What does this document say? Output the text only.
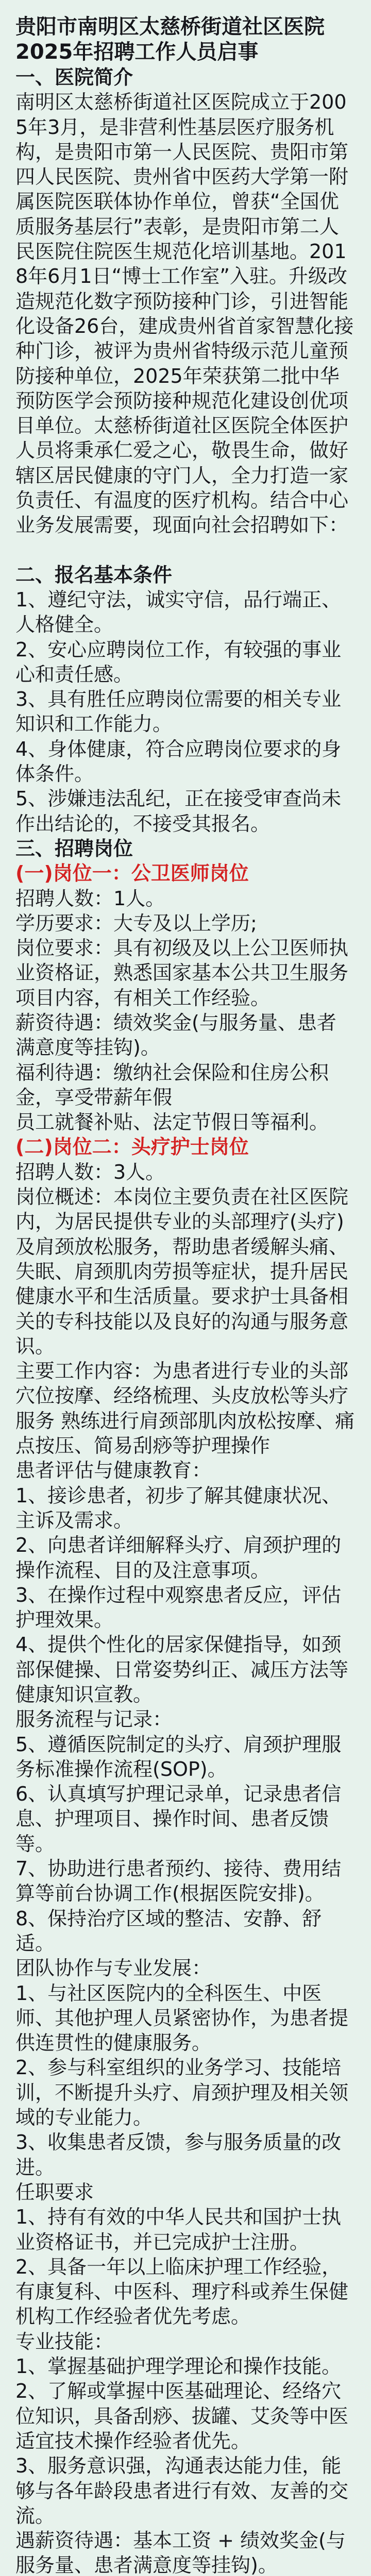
贵阳市南明区太慈桥街道社区医院
2025年招聘工作人员启事

一、医院简介

南明区太慈桥街道社区医院成立于2005年3月，是非营利性基层医疗服务机构，是贵阳市第一人民医院、贵阳市第四人民医院、贵州省中医药大学第一附属医院医联体协作单位，曾获“全国优质服务基层行”表彰，是贵阳市第二人民医院住院医生规范化培训基地。2018年6月1日“博士工作室”入驻。升级改造规范化数字预防接种门诊，引进智能化设备26台，建成贵州省首家智慧化接种门诊，被评为贵州省特级示范儿童预防接种单位，2025年荣获第二批中华预防医学会预防接种规范化建设创优项目单位。太慈桥街道社区医院全体医护人员将秉承仁爱之心，敬畏生命，做好辖区居民健康的守门人，全力打造一家负责任、有温度的医疗机构。结合中心业务发展需要，现面向社会招聘如下：

二、报名基本条件

1、遵纪守法，诚实守信，品行端正、人格健全。

2、安心应聘岗位工作，有较强的事业心和责任感。

3、具有胜任应聘岗位需要的相关专业知识和工作能力。

4、身体健康，符合应聘岗位要求的身体条件。

5、涉嫌违法乱纪，正在接受审查尚未作出结论的，不接受其报名。

三、招聘岗位

(一)岗位一：公卫医师岗位

招聘人数：1人。

学历要求：大专及以上学历;

岗位要求：具有初级及以上公卫医师执业资格证，熟悉国家基本公共卫生服务项目内容，有相关工作经验。

薪资待遇：绩效奖金(与服务量、患者满意度等挂钩)。

福利待遇：缴纳社会保险和住房公积金，享受带薪年假

员工就餐补贴、法定节假日等福利。

(二)岗位二：头疗护士岗位

招聘人数：3人。

岗位概述：本岗位主要负责在社区医院内，为居民提供专业的头部理疗(头疗)及肩颈放松服务，帮助患者缓解头痛、失眠、肩颈肌肉劳损等症状，提升居民健康水平和生活质量。要求护士具备相关的专科技能以及良好的沟通与服务意识。

主要工作内容：为患者进行专业的头部穴位按摩、经络梳理、头皮放松等头疗服务 熟练进行肩颈部肌肉放松按摩、痛点按压、简易刮痧等护理操作

患者评估与健康教育：

1、接诊患者，初步了解其健康状况、主诉及需求。

2、向患者详细解释头疗、肩颈护理的操作流程、目的及注意事项。

3、在操作过程中观察患者反应，评估护理效果。

4、提供个性化的居家保健指导，如颈部保健操、日常姿势纠正、减压方法等健康知识宣教。

服务流程与记录：

5、遵循医院制定的头疗、肩颈护理服务标准操作流程(SOP)。

6、认真填写护理记录单，记录患者信息、护理项目、操作时间、患者反馈等。

7、协助进行患者预约、接待、费用结算等前台协调工作(根据医院安排)。

8、保持治疗区域的整洁、安静、舒适。

团队协作与专业发展：

1、与社区医院内的全科医生、中医师、其他护理人员紧密协作，为患者提供连贯性的健康服务。

2、参与科室组织的业务学习、技能培训，不断提升头疗、肩颈护理及相关领域的专业能力。

3、收集患者反馈，参与服务质量的改进。

任职要求

1、持有有效的中华人民共和国护士执业资格证书，并已完成护士注册。

2、具备一年以上临床护理工作经验，有康复科、中医科、理疗科或养生保健机构工作经验者优先考虑。

专业技能：

1、掌握基础护理学理论和操作技能。

2、了解或掌握中医基础理论、经络穴位知识，具备刮痧、拔罐、艾灸等中医适宜技术操作经验者优先。

3、服务意识强，沟通表达能力佳，能够与各年龄段患者进行有效、友善的交流。

遇薪资待遇：基本工资 + 绩效奖金(与服务量、患者满意度等挂钩)。
